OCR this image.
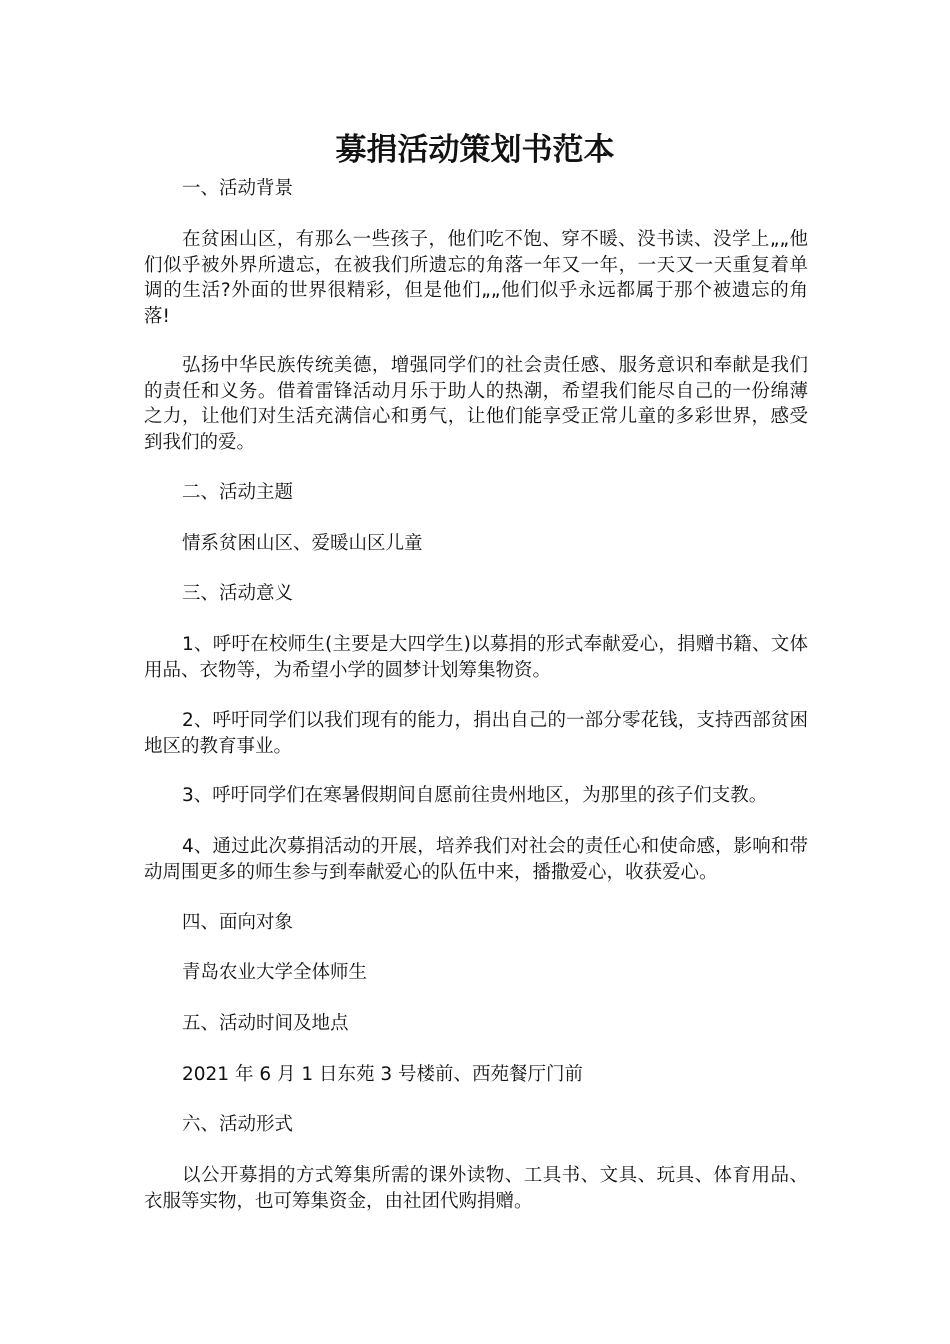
募捐活动策划书范本

一、活动背景

在贫困山区，有那么一些孩子，他们吃不饱、穿不暖、没书读、没学上„„他们似乎被外界所遗忘，在被我们所遗忘的角落一年又一年，一天又一天重复着单调的生活?外面的世界很精彩，但是他们„„他们似乎永远都属于那个被遗忘的角落!

弘扬中华民族传统美德，增强同学们的社会责任感、服务意识和奉献是我们的责任和义务。借着雷锋活动月乐于助人的热潮，希望我们能尽自己的一份绵薄之力，让他们对生活充满信心和勇气，让他们能享受正常儿童的多彩世界，感受到我们的爱。

二、活动主题

情系贫困山区、爱暖山区儿童

三、活动意义

1、呼吁在校师生(主要是大四学生)以募捐的形式奉献爱心，捐赠书籍、文体用品、衣物等，为希望小学的圆梦计划筹集物资。

2、呼吁同学们以我们现有的能力，捐出自己的一部分零花钱，支持西部贫困地区的教育事业。

3、呼吁同学们在寒暑假期间自愿前往贵州地区，为那里的孩子们支教。

4、通过此次募捐活动的开展，培养我们对社会的责任心和使命感，影响和带动周围更多的师生参与到奉献爱心的队伍中来，播撒爱心，收获爱心。

四、面向对象

青岛农业大学全体师生

五、活动时间及地点

2021 年 6 月 1 日东苑 3 号楼前、西苑餐厅门前

六、活动形式

以公开募捐的方式筹集所需的课外读物、工具书、文具、玩具、体育用品、衣服等实物，也可筹集资金，由社团代购捐赠。
